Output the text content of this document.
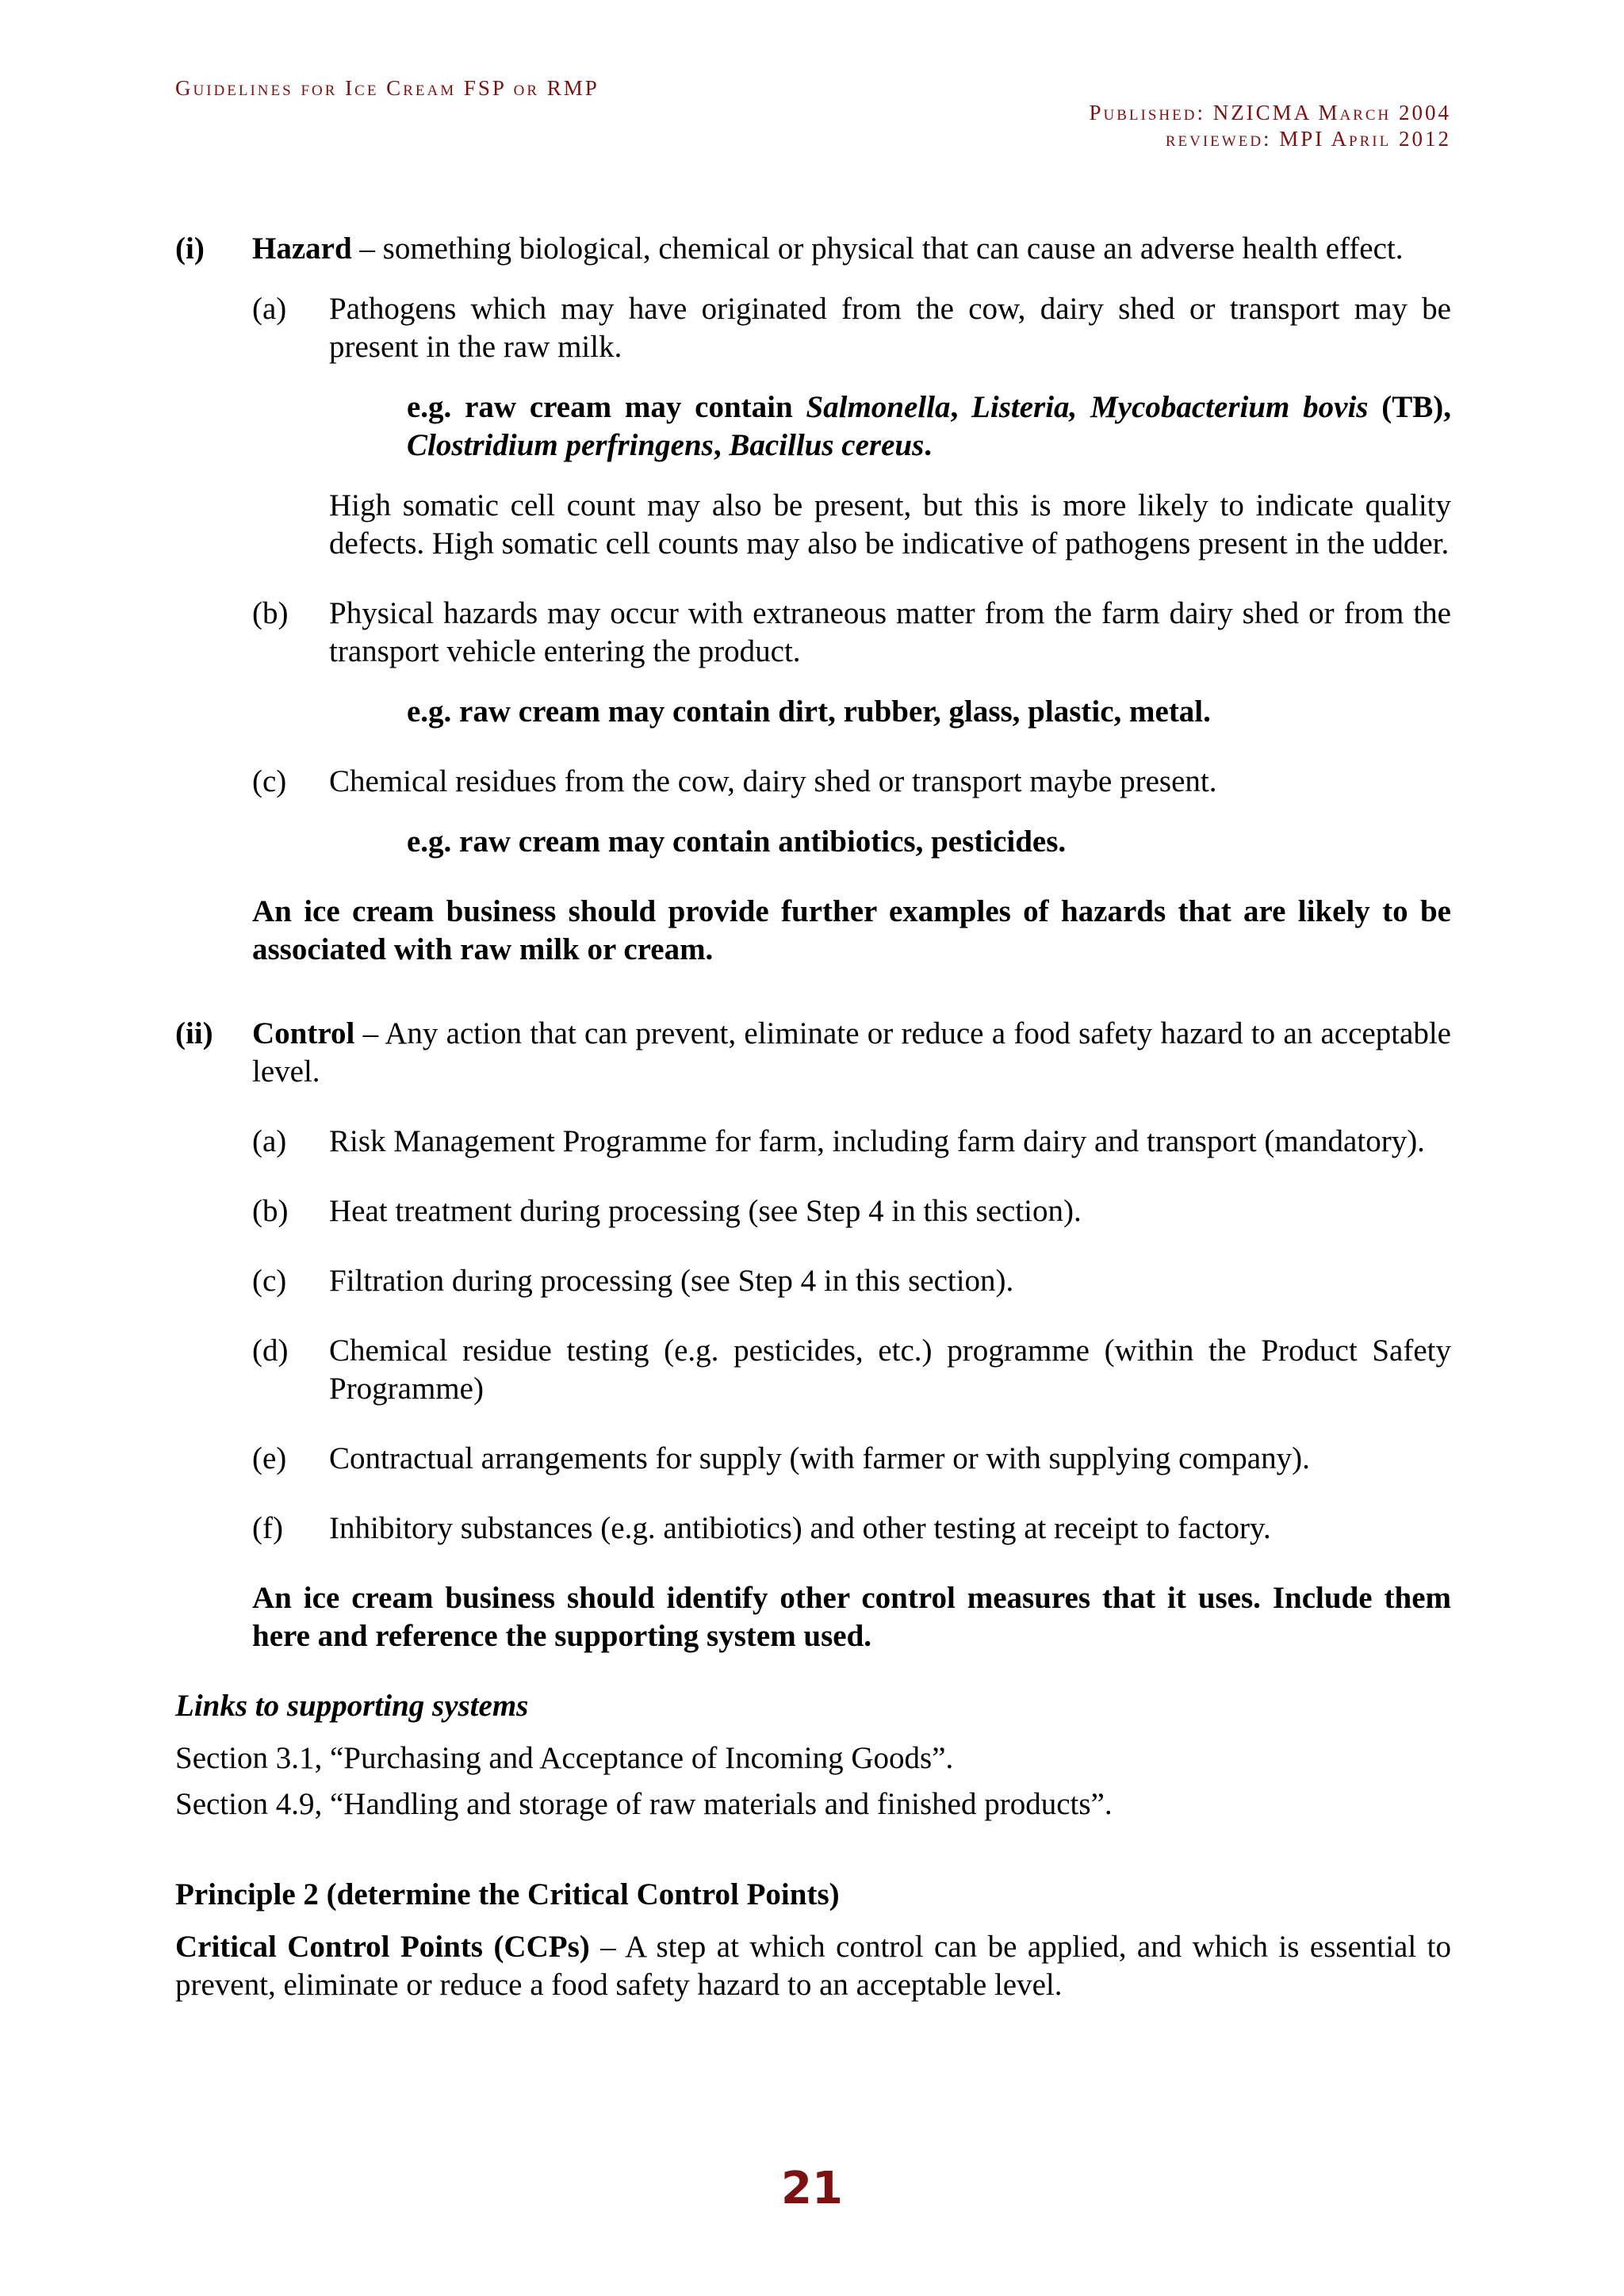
Guidelines for Ice Cream FSP or RMP
Published: NZICMA March 2004
reviewed: MPI April 2012
(i) Hazard – something biological, chemical or physical that can cause an adverse health effect.

(a) Pathogens which may have originated from the cow, dairy shed or transport may be present in the raw milk.

e.g. raw cream may contain Salmonella, Listeria, Mycobacterium bovis (TB), Clostridium perfringens, Bacillus cereus.

High somatic cell count may also be present, but this is more likely to indicate quality defects. High somatic cell counts may also be indicative of pathogens present in the udder.

(b) Physical hazards may occur with extraneous matter from the farm dairy shed or from the transport vehicle entering the product.

e.g. raw cream may contain dirt, rubber, glass, plastic, metal.

(c) Chemical residues from the cow, dairy shed or transport maybe present.

e.g. raw cream may contain antibiotics, pesticides.

An ice cream business should provide further examples of hazards that are likely to be associated with raw milk or cream.

(ii) Control – Any action that can prevent, eliminate or reduce a food safety hazard to an acceptable level.

(a) Risk Management Programme for farm, including farm dairy and transport (mandatory).

(b) Heat treatment during processing (see Step 4 in this section).

(c) Filtration during processing (see Step 4 in this section).

(d) Chemical residue testing (e.g. pesticides, etc.) programme (within the Product Safety Programme)

(e) Contractual arrangements for supply (with farmer or with supplying company).

(f) Inhibitory substances (e.g. antibiotics) and other testing at receipt to factory.

An ice cream business should identify other control measures that it uses. Include them here and reference the supporting system used.

Links to supporting systems

Section 3.1, “Purchasing and Acceptance of Incoming Goods”.

Section 4.9, “Handling and storage of raw materials and finished products”.

Principle 2 (determine the Critical Control Points)

Critical Control Points (CCPs) – A step at which control can be applied, and which is essential to prevent, eliminate or reduce a food safety hazard to an acceptable level.

21
